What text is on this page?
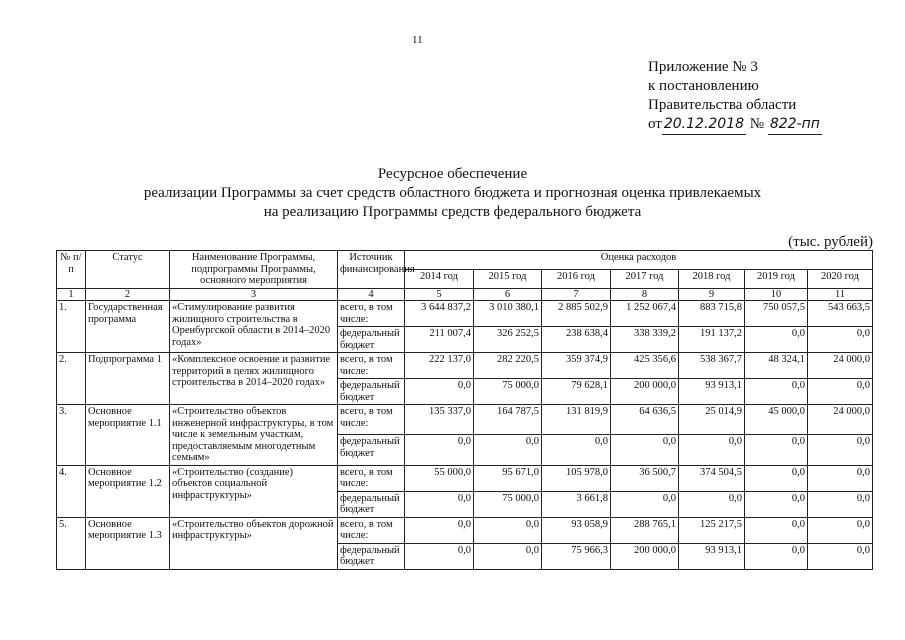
11
Приложение № 3
к постановлению
Правительства области
от 20.12.2018 № 822-пп
Ресурсное обеспечение
реализации Программы за счет средств областного бюджета и прогнозная оценка привлекаемых
на реализацию Программы средств федерального бюджета
(тыс. рублей)
№ п/п	Статус	Наименование Программы, подпрограммы Программы, основного мероприятия	Источник финансирования	Оценка расходов						
				2014 год	2015 год	2016 год	2017 год	2018 год	2019 год	2020 год
1	2	3	4	5	6	7	8	9	10	11
1.	Государственная программа	«Стимулирование развития жилищного строительства в Оренбургской области в 2014–2020 годах»	всего, в том числе:	3 644 837,2	3 010 380,1	2 885 502,9	1 252 067,4	883 715,8	750 057,5	543 663,5
			федеральный бюджет	211 007,4	326 252,5	238 638,4	338 339,2	191 137,2	0,0	0,0
2.	Подпрограмма 1	«Комплексное освоение и развитие территорий в целях жилищного строительства в 2014–2020 годах»	всего, в том числе:	222 137,0	282 220,5	359 374,9	425 356,6	538 367,7	48 324,1	24 000,0
			федеральный бюджет	0,0	75 000,0	79 628,1	200 000,0	93 913,1	0,0	0,0
3.	Основное мероприятие 1.1	«Строительство объектов инженерной инфраструктуры, в том числе к земельным участкам, предоставляемым многодетным семьям»	всего, в том числе:	135 337,0	164 787,5	131 819,9	64 636,5	25 014,9	45 000,0	24 000,0
			федеральный бюджет	0,0	0,0	0,0	0,0	0,0	0,0	0,0
4.	Основное мероприятие 1.2	«Строительство (создание) объектов социальной инфраструктуры»	всего, в том числе:	55 000,0	95 671,0	105 978,0	36 500,7	374 504,5	0,0	0,0
			федеральный бюджет	0,0	75 000,0	3 661,8	0,0	0,0	0,0	0,0
5.	Основное мероприятие 1.3	«Строительство объектов дорожной инфраструктуры»	всего, в том числе:	0,0	0,0	93 058,9	288 765,1	125 217,5	0,0	0,0
			федеральный бюджет	0,0	0,0	75 966,3	200 000,0	93 913,1	0,0	0,0
